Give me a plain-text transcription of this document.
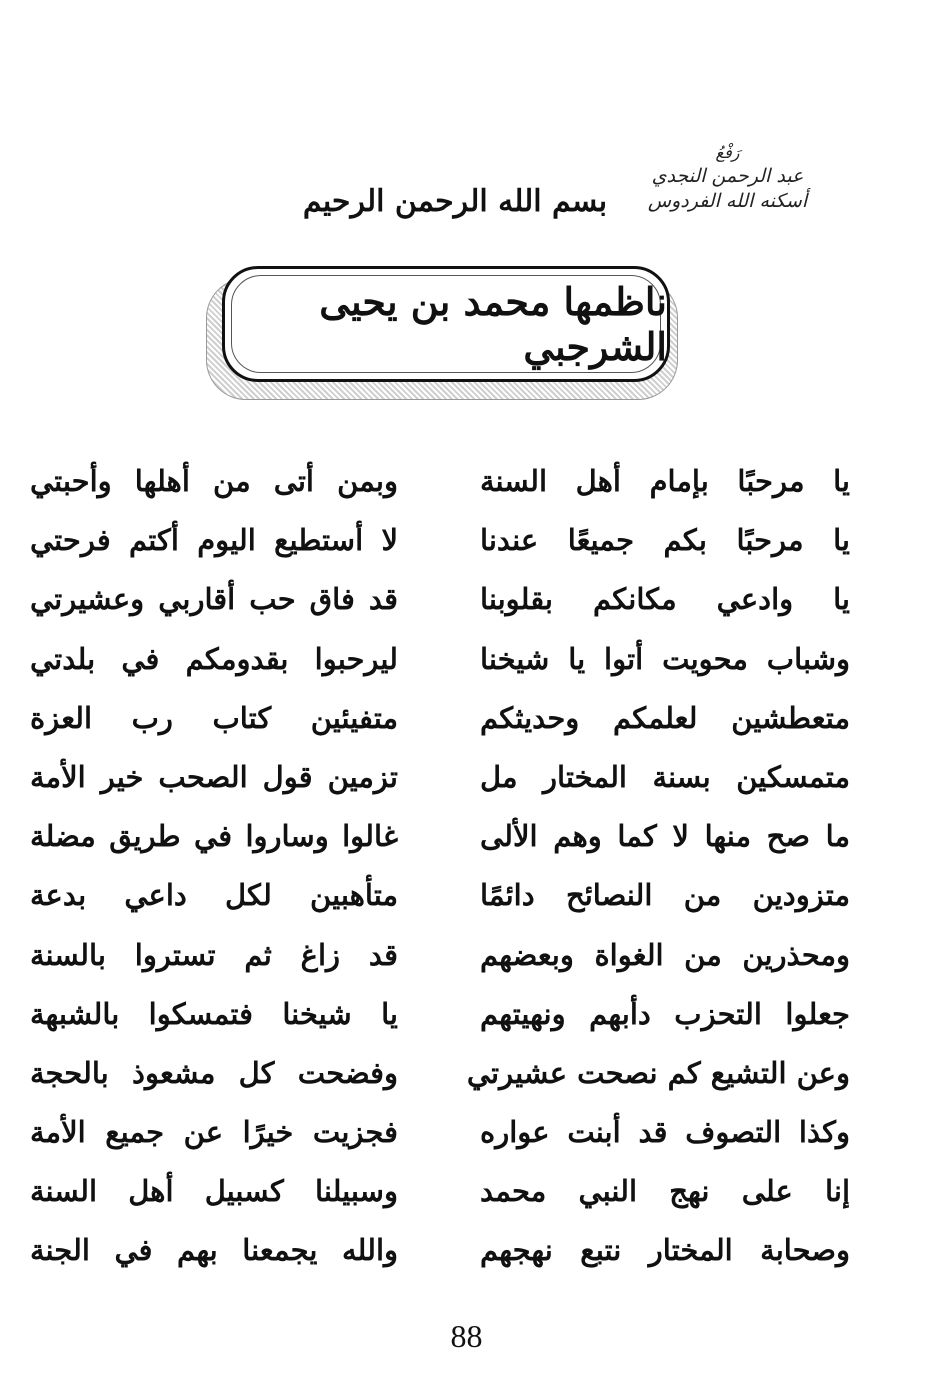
رَفْعُ
عبد الرحمن النجدي
أسكنه الله الفردوس
بسم الله الرحمن الرحيم
ناظمها محمد بن يحيى الشرجبي
يا مرحبًا بإمام أهل السنة
وبمن أتى من أهلها وأحبتي
يا مرحبًا بكم جميعًا عندنا
لا أستطيع اليوم أكتم فرحتي
يا وادعي مكانكم بقلوبنا
قد فاق حب أقاربي وعشيرتي
وشباب محويت أتوا يا شيخنا
ليرحبوا بقدومكم في بلدتي
متعطشين لعلمكم وحديثكم
متفيئين كتاب رب العزة
متمسكين بسنة المختار مل
تزمين قول الصحب خير الأمة
ما صح منها لا كما وهم الألى
غالوا وساروا في طريق مضلة
متزودين من النصائح دائمًا
متأهبين لكل داعي بدعة
ومحذرين من الغواة وبعضهم
قد زاغ ثم تستروا بالسنة
جعلوا التحزب دأبهم ونهيتهم
يا شيخنا فتمسكوا بالشبهة
وعن التشيع كم نصحت عشيرتي
وفضحت كل مشعوذ بالحجة
وكذا التصوف قد أبنت عواره
فجزيت خيرًا عن جميع الأمة
إنا على نهج النبي محمد
وسبيلنا كسبيل أهل السنة
وصحابة المختار نتبع نهجهم
والله يجمعنا بهم في الجنة
88
